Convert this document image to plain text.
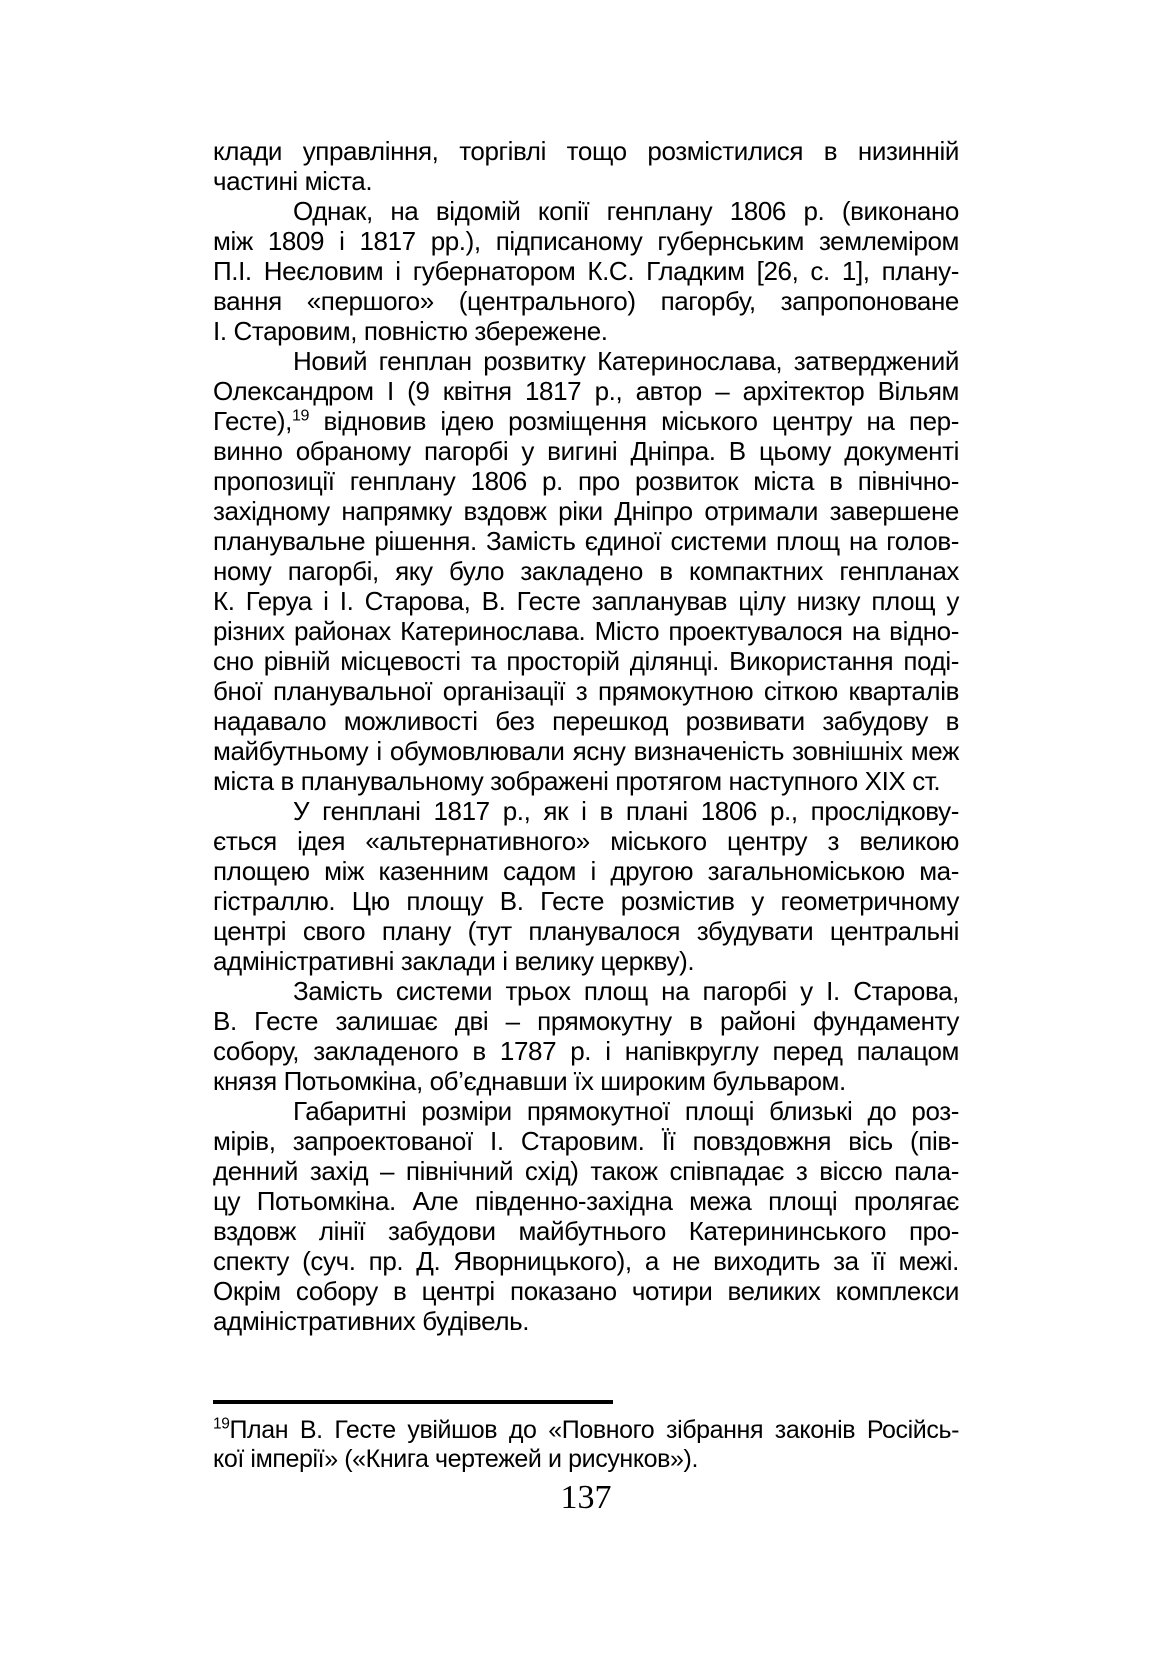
клади управління, торгівлі тощо розмістилися в низинній
частині міста.
Однак, на відомій копії генплану 1806 р. (виконано
між 1809 і 1817 рр.), підписаному губернським землеміром
П.І. Неєловим і губернатором К.С. Гладким [26, с. 1], плану-
вання «першого» (центрального) пагорбу, запропоноване
І. Старовим, повністю збережене.
Новий генплан розвитку Катеринослава, затверджений
Олександром І (9 квітня 1817 р., автор – архітектор Вільям
Гесте),$^{19}$ відновив ідею розміщення міського центру на пер-
винно обраному пагорбі у вигині Дніпра. В цьому документі
пропозиції генплану 1806 р. про розвиток міста в північно-
західному напрямку вздовж ріки Дніпро отримали завершене
планувальне рішення. Замість єдиної системи площ на голов-
ному пагорбі, яку було закладено в компактних генпланах
К. Геруа і І. Старова, В. Гесте запланував цілу низку площ у
різних районах Катеринослава. Місто проектувалося на відно-
сно рівній місцевості та просторій ділянці. Використання поді-
бної планувальної організації з прямокутною сіткою кварталів
надавало можливості без перешкод розвивати забудову в
майбутньому і обумовлювали ясну визначеність зовнішніх меж
міста в планувальному зображені протягом наступного XIX ст.
У генплані 1817 р., як і в плані 1806 р., прослідкову-
ється ідея «альтернативного» міського центру з великою
площею між казенним садом і другою загальноміською ма-
гістраллю. Цю площу В. Гесте розмістив у геометричному
центрі свого плану (тут планувалося збудувати центральні
адміністративні заклади і велику церкву).
Замість системи трьох площ на пагорбі у І. Старова,
В. Гесте залишає дві – прямокутну в районі фундаменту
собору, закладеного в 1787 р. і напівкруглу перед палацом
князя Потьомкіна, об’єднавши їх широким бульваром.
Габаритні розміри прямокутної площі близькі до роз-
мірів, запроектованої І. Старовим. Її повздовжня вісь (пів-
денний захід – північний схід) також співпадає з віссю пала-
цу Потьомкіна. Але південно-західна межа площі пролягає
вздовж лінії забудови майбутнього Катерининського про-
спекту (суч. пр. Д. Яворницького), а не виходить за її межі.
Окрім собору в центрі показано чотири великих комплекси
адміністративних будівель.
$^{19}$План В. Гесте увійшов до «Повного зібрання законів Російсь-
кої імперії» («Книга чертежей и рисунков»).
137
